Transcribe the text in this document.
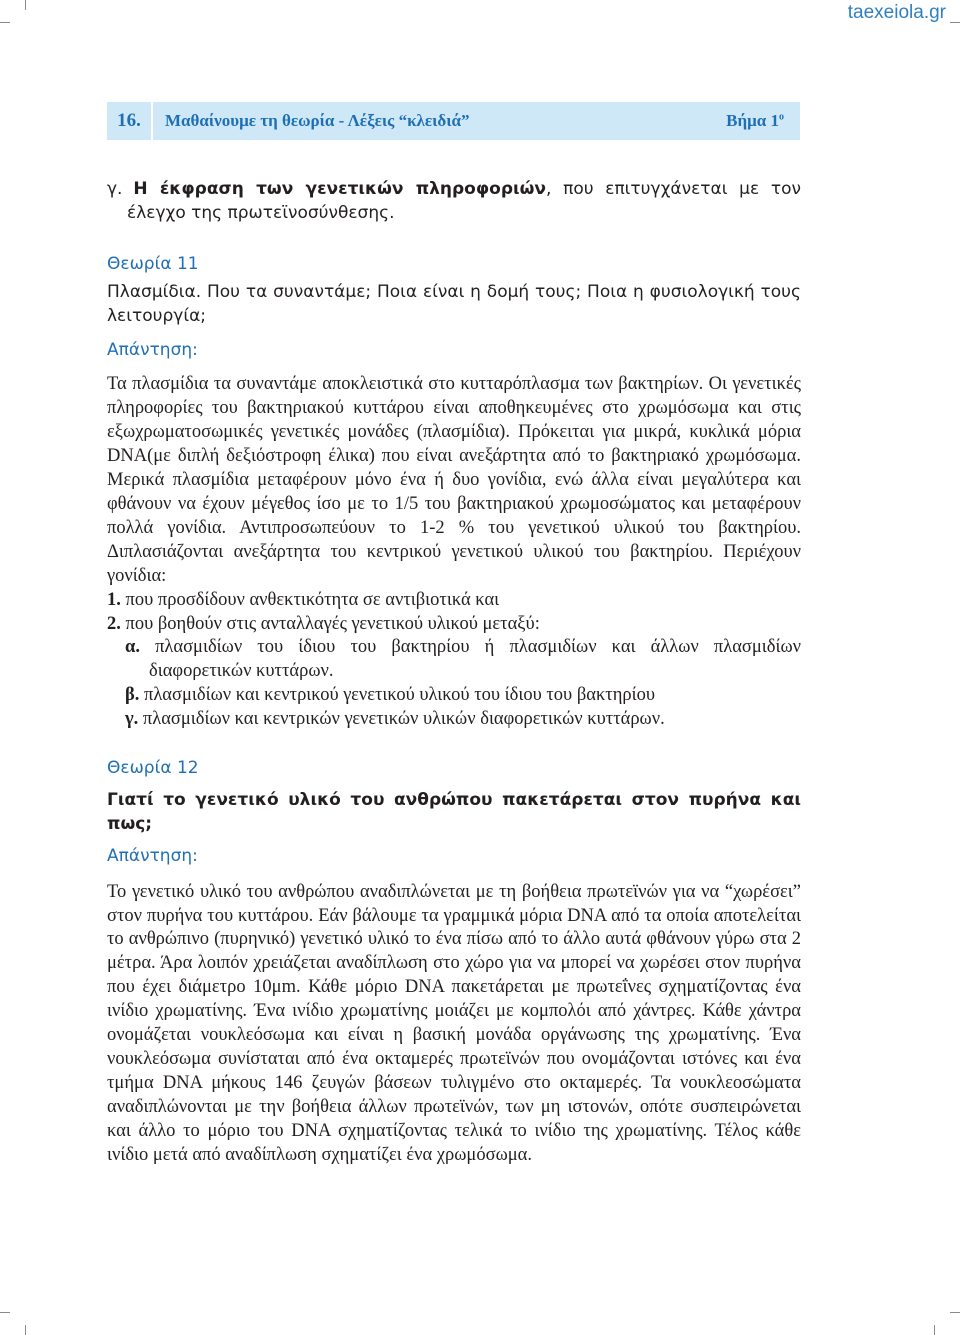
taexeiola.gr
16.	Μαθαίνουμε τη θεωρία - Λέξεις “κλειδιά”	Βήμα $1^o$

γ. Η έκφραση των γενετικών πληροφοριών, που επιτυγχάνεται με τον έλεγχο της πρωτεϊνοσύνθεσης.

Θεωρία 11

Πλασμίδια. Που τα συναντάμε; Ποια είναι η δομή τους; Ποια η φυσιολογική τους λειτουργία;

Απάντηση:

Τα πλασμίδια τα συναντάμε αποκλειστικά στο κυτταρόπλασμα των βακτηρίων. Οι γενετικές πληροφορίες του βακτηριακού κυττάρου είναι αποθηκευμένες στο χρωμόσωμα και στις εξωχρωματοσωμικές γενετικές μονάδες (πλασμίδια). Πρόκειται για μικρά, κυκλικά μόρια DNA(με διπλή δεξιόστροφη έλικα) που είναι ανεξάρτητα από το βακτηριακό χρωμόσωμα. Μερικά πλασμίδια μεταφέρουν μόνο ένα ή δυο γονίδια, ενώ άλλα είναι μεγαλύτερα και φθάνουν να έχουν μέγεθος ίσο με το 1/5 του βακτηριακού χρωμοσώματος και μεταφέρουν πολλά γονίδια. Αντιπροσωπεύουν το 1-2 % του γενετικού υλικού του βακτηρίου. Διπλασιάζονται ανεξάρτητα του κεντρικού γενετικού υλικού του βακτηρίου. Περιέχουν γονίδια:

1. που προσδίδουν ανθεκτικότητα σε αντιβιοτικά και

2. που βοηθούν στις ανταλλαγές γενετικού υλικού μεταξύ:

α. πλασμιδίων του ίδιου του βακτηρίου ή πλασμιδίων και άλλων πλασμιδίων διαφορετικών κυττάρων.

β. πλασμιδίων και κεντρικού γενετικού υλικού του ίδιου του βακτηρίου

γ. πλασμιδίων και κεντρικών γενετικών υλικών διαφορετικών κυττάρων.

Θεωρία 12

Γιατί το γενετικό υλικό του ανθρώπου πακετάρεται στον πυρήνα και πως;

Απάντηση:

Το γενετικό υλικό του ανθρώπου αναδιπλώνεται με τη βοήθεια πρωτεϊνών για να “χωρέσει” στον πυρήνα του κυττάρου. Εάν βάλουμε τα γραμμικά μόρια DNA από τα οποία αποτελείται το ανθρώπινο (πυρηνικό) γενετικό υλικό το ένα πίσω από το άλλο αυτά φθάνουν γύρω στα 2 μέτρα. Άρα λοιπόν χρειάζεται αναδίπλωση στο χώρο για να μπορεί να χωρέσει στον πυρήνα που έχει διάμετρο 10μm. Κάθε μόριο DNA πακετάρεται με πρωτεΐνες σχηματίζοντας ένα ινίδιο χρωματίνης. Ένα ινίδιο χρωματίνης μοιάζει με κομπολόι από χάντρες. Κάθε χάντρα ονομάζεται νουκλεόσωμα και είναι η βασική μονάδα οργάνωσης της χρωματίνης. Ένα νουκλεόσωμα συνίσταται από ένα οκταμερές πρωτεϊνών που ονομάζονται ιστόνες και ένα τμήμα DNA μήκους 146 ζευγών βάσεων τυλιγμένο στο οκταμερές. Τα νουκλεοσώματα αναδιπλώνονται με την βοήθεια άλλων πρωτεϊνών, των μη ιστονών, οπότε συσπειρώνεται και άλλο το μόριο του DNA σχηματίζοντας τελικά το ινίδιο της χρωματίνης. Τέλος κάθε ινίδιο μετά από αναδίπλωση σχηματίζει ένα χρωμόσωμα.
